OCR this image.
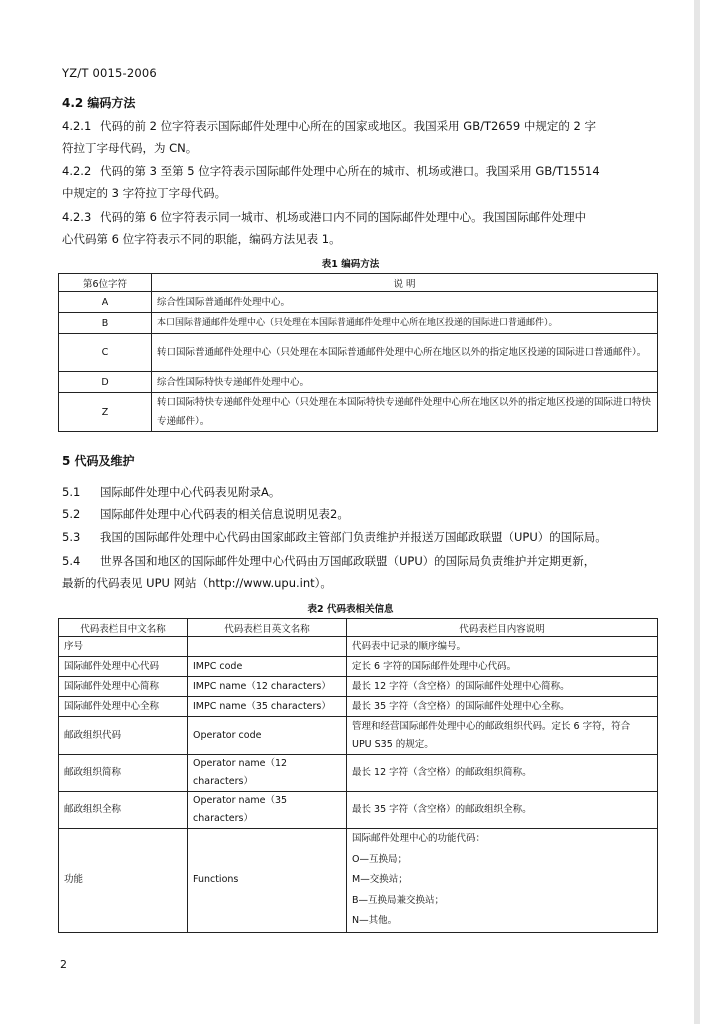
YZ/T 0015-2006
4.2 编码方法
4.2.1 代码的前 2 位字符表示国际邮件处理中心所在的国家或地区。我国采用 GB/T2659 中规定的 2 字
符拉丁字母代码，为 CN。
4.2.2 代码的第 3 至第 5 位字符表示国际邮件处理中心所在的城市、机场或港口。我国采用 GB/T15514
中规定的 3 字符拉丁字母代码。
4.2.3 代码的第 6 位字符表示同一城市、机场或港口内不同的国际邮件处理中心。我国国际邮件处理中
心代码第 6 位字符表示不同的职能，编码方法见表 1。
表1 编码方法
第6位字符	说 明
A	综合性国际普通邮件处理中心。
B	本口国际普通邮件处理中心（只处理在本国际普通邮件处理中心所在地区投递的国际进口普通邮件）。
C	转口国际普通邮件处理中心（只处理在本国际普通邮件处理中心所在地区以外的指定地区投递的国际进口普通邮件）。
D	综合性国际特快专递邮件处理中心。
Z	转口国际特快专递邮件处理中心（只处理在本国际特快专递邮件处理中心所在地区以外的指定地区投递的国际进口特快专递邮件）。
5 代码及维护
5.1 国际邮件处理中心代码表见附录A。
5.2 国际邮件处理中心代码表的相关信息说明见表2。
5.3 我国的国际邮件处理中心代码由国家邮政主管部门负责维护并报送万国邮政联盟（UPU）的国际局。
5.4 世界各国和地区的国际邮件处理中心代码由万国邮政联盟（UPU）的国际局负责维护并定期更新，
最新的代码表见 UPU 网站（http://www.upu.int）。
表2 代码表相关信息
代码表栏目中文名称	代码表栏目英文名称	代码表栏目内容说明
序号		代码表中记录的顺序编号。
国际邮件处理中心代码	IMPC code	定长 6 字符的国际邮件处理中心代码。
国际邮件处理中心简称	IMPC name（12 characters）	最长 12 字符（含空格）的国际邮件处理中心简称。
国际邮件处理中心全称	IMPC name（35 characters）	最长 35 字符（含空格）的国际邮件处理中心全称。
邮政组织代码	Operator code	管理和经营国际邮件处理中心的邮政组织代码。定长 6 字符，符合 UPU S35 的规定。
邮政组织简称	Operator name（12 characters）	最长 12 字符（含空格）的邮政组织简称。
邮政组织全称	Operator name（35 characters）	最长 35 字符（含空格）的邮政组织全称。
功能	Functions	国际邮件处理中心的功能代码：
O—互换局；
M—交换站；
B—互换局兼交换站；
N—其他。
2
